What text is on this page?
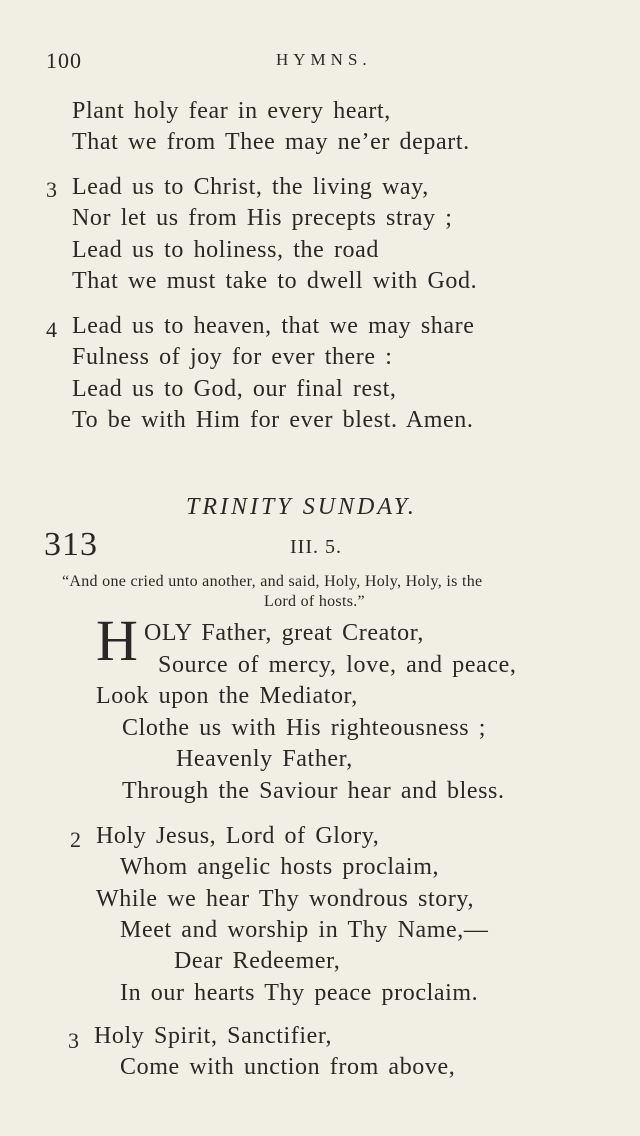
100	HYMNS.
Plant holy fear in every heart,
That we from Thee may ne’er depart.
3 Lead us to Christ, the living way,
Nor let us from His precepts stray ;
Lead us to holiness, the road
That we must take to dwell with God.
4 Lead us to heaven, that we may share
Fulness of joy for ever there :
Lead us to God, our final rest,
To be with Him for ever blest. Amen.
TRINITY SUNDAY.
313	III. 5.
“And one cried unto another, and said, Holy, Holy, Holy, is the
Lord of hosts.”
H OLY Father, great Creator,
Source of mercy, love, and peace,
Look upon the Mediator,
Clothe us with His righteousness ;
Heavenly Father,
Through the Saviour hear and bless.
2 Holy Jesus, Lord of Glory,
Whom angelic hosts proclaim,
While we hear Thy wondrous story,
Meet and worship in Thy Name,—
Dear Redeemer,
In our hearts Thy peace proclaim.
3 Holy Spirit, Sanctifier,
Come with unction from above,
